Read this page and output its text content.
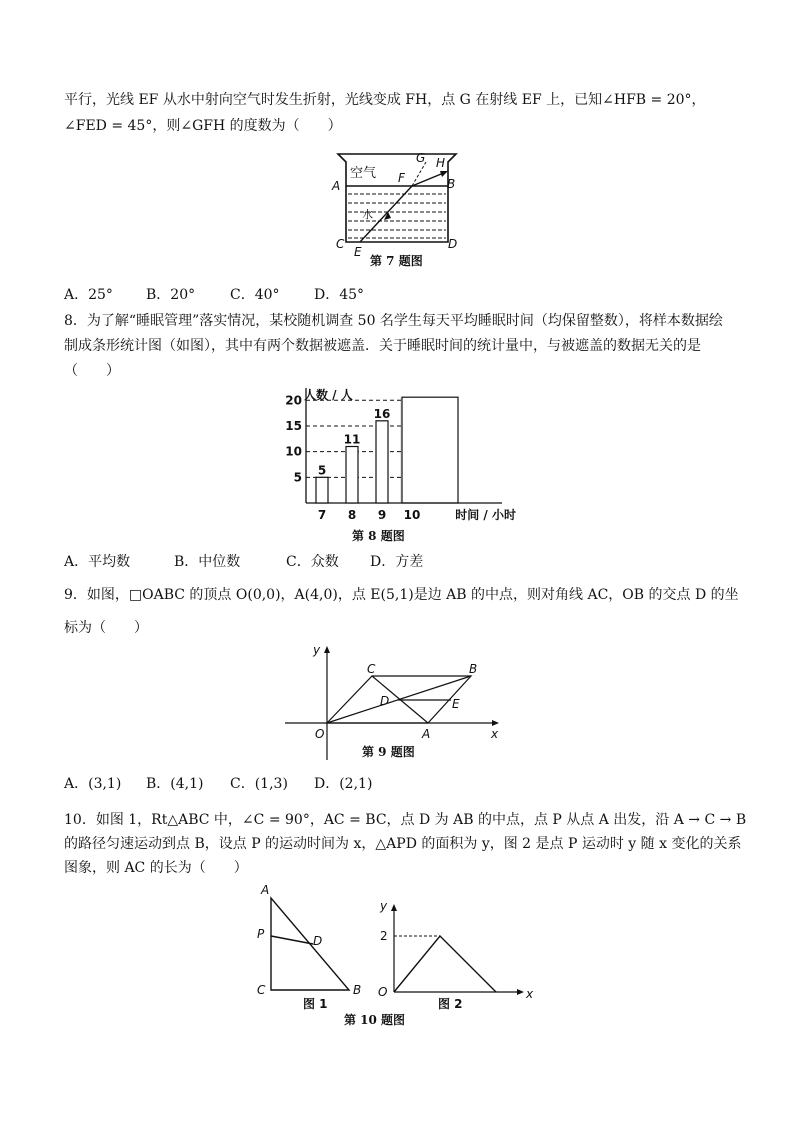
平行，光线 EF 从水中射向空气时发生折射，光线变成 FH，点 G 在射线 EF 上，已知∠HFB = 20°，
∠FED = 45°，则∠GFH 的度数为（　　）
空气
水
A	B
C	D
E
F
G H
第 7 题图
A．25° B．20° C．40° D．45°
8．为了解“睡眠管理”落实情况，某校随机调查 50 名学生每天平均睡眠时间（均保留整数），将样本数据绘
制成条形统计图（如图），其中有两个数据被遮盖．关于睡眠时间的统计量中，与被遮盖的数据无关的是
（　　）
5
11
16
7 8 9 10
5
10
15
20 人数 / 人
时间 / 小时
第 8 题图
A．平均数	B．中位数	C．众数 D．方差
9．如图，□OABC 的顶点 O(0,0)，A(4,0)，点 E(5,1)是边 AB 的中点，则对角线 AC，OB 的交点 D 的坐
标为（　　）
y
x
O	A
B
C
D	E
第 9 题图
A．(3,1) B．(4,1) C．(1,3) D．(2,1)
10．如图 1，Rt△ABC 中，∠C = 90°，AC = BC，点 D 为 AB 的中点，点 P 从点 A 出发，沿 A → C → B
的路径匀速运动到点 B，设点 P 的运动时间为 x，△APD 的面积为 y，图 2 是点 P 运动时 y 随 x 变化的关系
图象，则 AC 的长为（　　）
A
P	D
C	B
图 1
y
2
O	x
图 2
第 10 题图
